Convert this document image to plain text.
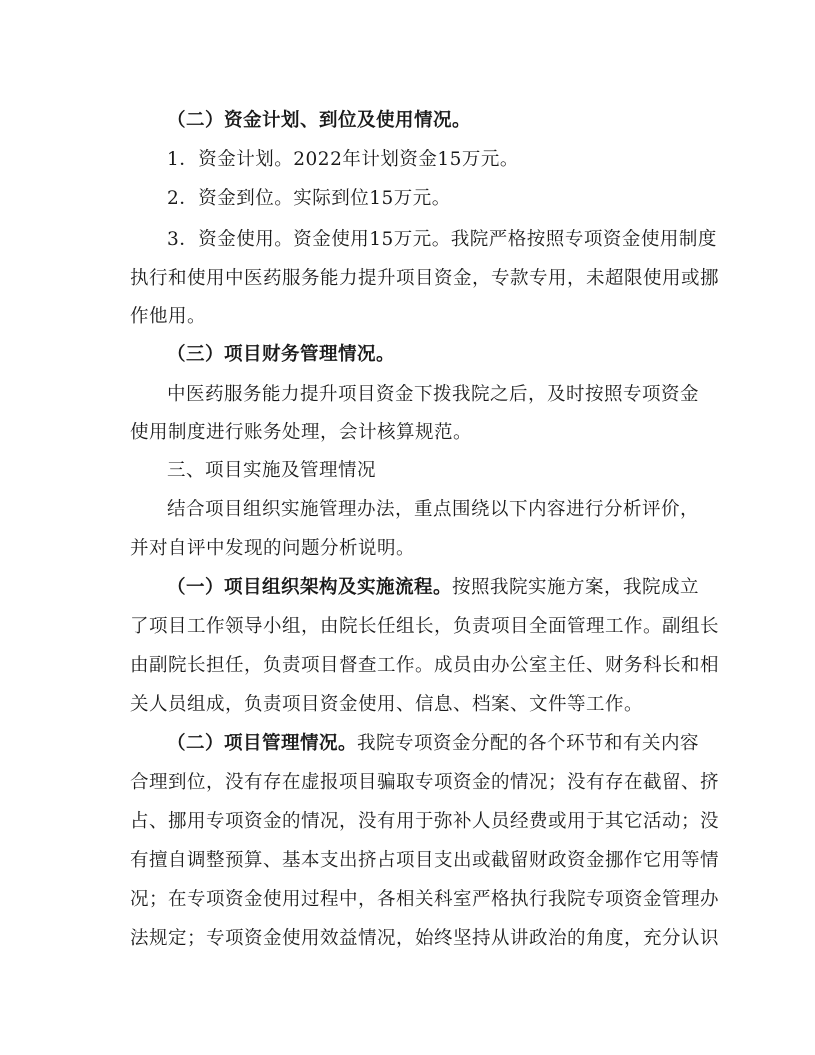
（二）资金计划、到位及使用情况。
1．资金计划。2022年计划资金15万元。
2．资金到位。实际到位15万元。
3．资金使用。资金使用15万元。我院严格按照专项资金使用制度
执行和使用中医药服务能力提升项目资金，专款专用，未超限使用或挪
作他用。
（三）项目财务管理情况。
中医药服务能力提升项目资金下拨我院之后，及时按照专项资金
使用制度进行账务处理，会计核算规范。
三、项目实施及管理情况
结合项目组织实施管理办法，重点围绕以下内容进行分析评价，
并对自评中发现的问题分析说明。
（一）项目组织架构及实施流程。按照我院实施方案，我院成立
了项目工作领导小组，由院长任组长，负责项目全面管理工作。副组长
由副院长担任，负责项目督查工作。成员由办公室主任、财务科长和相
关人员组成，负责项目资金使用、信息、档案、文件等工作。
（二）项目管理情况。我院专项资金分配的各个环节和有关内容
合理到位，没有存在虚报项目骗取专项资金的情况；没有存在截留、挤
占、挪用专项资金的情况，没有用于弥补人员经费或用于其它活动；没
有擅自调整预算、基本支出挤占项目支出或截留财政资金挪作它用等情
况；在专项资金使用过程中，各相关科室严格执行我院专项资金管理办
法规定；专项资金使用效益情况，始终坚持从讲政治的角度，充分认识
